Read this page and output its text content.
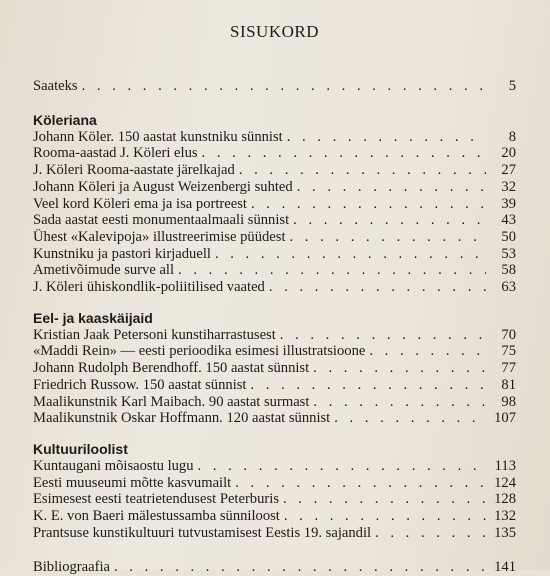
SISUKORD
Saateks . . .	5
Köleriana
Johann Köler. 150 aastat kunstniku sünnist . . .	8
Rooma-aastad J. Köleri elus . . .	20
J. Köleri Rooma-aastate järelkajad . . .	27
Johann Köleri ja August Weizenbergi suhted . . .	32
Veel kord Köleri ema ja isa portreest . . .	39
Sada aastat eesti monumentaalmaali sünnist . . .	43
Ühest «Kalevipoja» illustreerimise püüdest . . .	50
Kunstniku ja pastori kirjaduell . . .	53
Ametivõimude surve all . . .	58
J. Köleri ühiskondlik-poliitilised vaated . . .	63
Eel- ja kaaskäijaid
Kristian Jaak Petersoni kunstiharrastusest . . .	70
«Maddi Rein» — eesti perioodika esimesi illustratsioone . . .	75
Johann Rudolph Berendhoff. 150 aastat sünnist . . .	77
Friedrich Russow. 150 aastat sünnist . . .	81
Maalikunstnik Karl Maibach. 90 aastat surmast . . .	98
Maalikunstnik Oskar Hoffmann. 120 aastat sünnist . . .	107
Kultuuriloolist
Kuntaugani mõisaostu lugu . . .	113
Eesti muuseumi mõtte kasvumailt . . .	124
Esimesest eesti teatrietendusest Peterburis . . .	128
K. E. von Baeri mälestussamba sünniloost . . .	132
Prantsuse kunstikultuuri tutvustamisest Eestis 19. sajandil . . .	135
Bibliograafia . . .	141
